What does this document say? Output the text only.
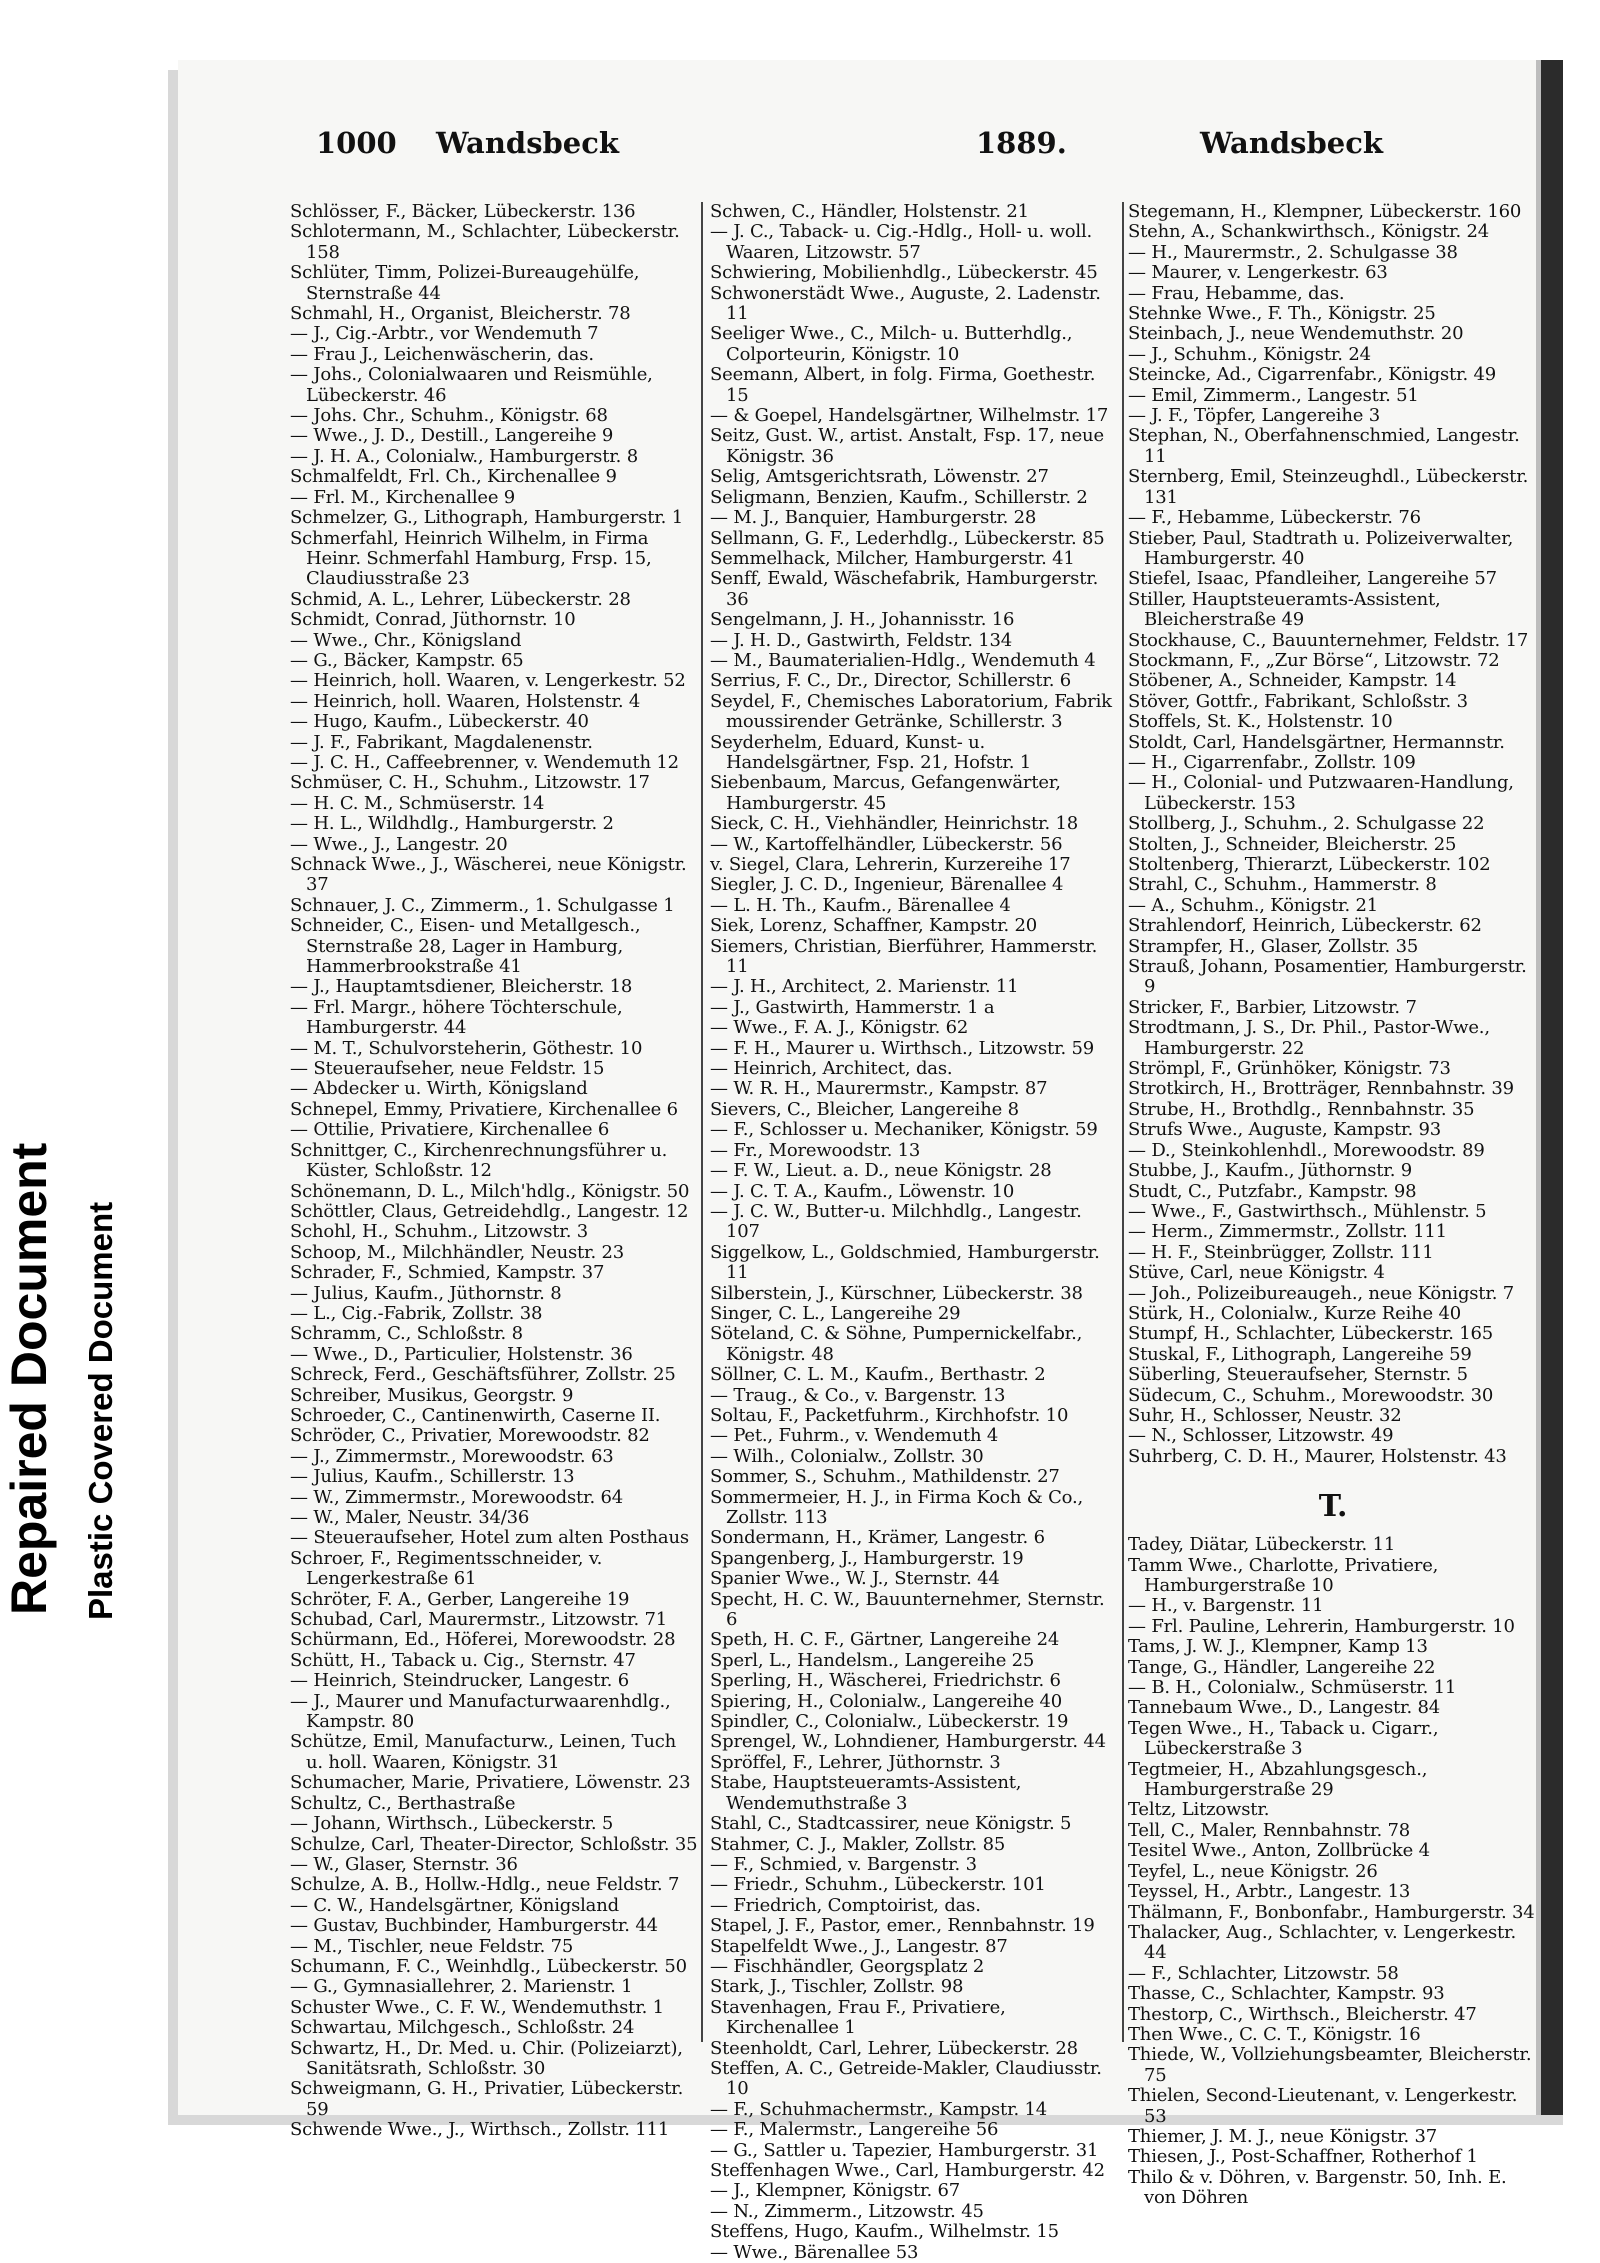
Repaired Document Plastic Covered Document
1000 Wandsbeck	1889.	Wandsbeck

Schlösser, F., Bäcker, Lübeckerstr. 136

Schlotermann, M., Schlachter, Lübeckerstr. 158

Schlüter, Timm, Polizei-Bureaugehülfe, Sternstraße 44

Schmahl, H., Organist, Bleicherstr. 78

— J., Cig.-Arbtr., vor Wendemuth 7

— Frau J., Leichenwäscherin, das.

— Johs., Colonialwaaren und Reismühle, Lübeckerstr. 46

— Johs. Chr., Schuhm., Königstr. 68

— Wwe., J. D., Destill., Langereihe 9

— J. H. A., Colonialw., Hamburgerstr. 8

Schmalfeldt, Frl. Ch., Kirchenallee 9

— Frl. M., Kirchenallee 9

Schmelzer, G., Lithograph, Hamburgerstr. 1

Schmerfahl, Heinrich Wilhelm, in Firma Heinr. Schmerfahl Hamburg, Frsp. 15, Claudiusstraße 23

Schmid, A. L., Lehrer, Lübeckerstr. 28

Schmidt, Conrad, Jüthornstr. 10

— Wwe., Chr., Königsland

— G., Bäcker, Kampstr. 65

— Heinrich, holl. Waaren, v. Lengerkestr. 52

— Heinrich, holl. Waaren, Holstenstr. 4

— Hugo, Kaufm., Lübeckerstr. 40

— J. F., Fabrikant, Magdalenenstr.

— J. C. H., Caffeebrenner, v. Wendemuth 12

Schmüser, C. H., Schuhm., Litzowstr. 17

— H. C. M., Schmüserstr. 14

— H. L., Wildhdlg., Hamburgerstr. 2

— Wwe., J., Langestr. 20

Schnack Wwe., J., Wäscherei, neue Königstr. 37

Schnauer, J. C., Zimmerm., 1. Schulgasse 1

Schneider, C., Eisen- und Metallgesch., Sternstraße 28, Lager in Hamburg, Hammerbrookstraße 41

— J., Hauptamtsdiener, Bleicherstr. 18

— Frl. Margr., höhere Töchterschule, Hamburgerstr. 44

— M. T., Schulvorsteherin, Göthestr. 10

— Steueraufseher, neue Feldstr. 15

— Abdecker u. Wirth, Königsland

Schnepel, Emmy, Privatiere, Kirchenallee 6

— Ottilie, Privatiere, Kirchenallee 6

Schnittger, C., Kirchenrechnungsführer u. Küster, Schloßstr. 12

Schönemann, D. L., Milch'hdlg., Königstr. 50

Schöttler, Claus, Getreidehdlg., Langestr. 12

Schohl, H., Schuhm., Litzowstr. 3

Schoop, M., Milchhändler, Neustr. 23

Schrader, F., Schmied, Kampstr. 37

— Julius, Kaufm., Jüthornstr. 8

— L., Cig.-Fabrik, Zollstr. 38

Schramm, C., Schloßstr. 8

— Wwe., D., Particulier, Holstenstr. 36

Schreck, Ferd., Geschäftsführer, Zollstr. 25

Schreiber, Musikus, Georgstr. 9

Schroeder, C., Cantinenwirth, Caserne II.

Schröder, C., Privatier, Morewoodstr. 82

— J., Zimmermstr., Morewoodstr. 63

— Julius, Kaufm., Schillerstr. 13

— W., Zimmermstr., Morewoodstr. 64

— W., Maler, Neustr. 34/36

— Steueraufseher, Hotel zum alten Posthaus

Schroer, F., Regimentsschneider, v. Lengerkestraße 61

Schröter, F. A., Gerber, Langereihe 19

Schubad, Carl, Maurermstr., Litzowstr. 71

Schürmann, Ed., Höferei, Morewoodstr. 28

Schütt, H., Taback u. Cig., Sternstr. 47

— Heinrich, Steindrucker, Langestr. 6

— J., Maurer und Manufacturwaarenhdlg., Kampstr. 80

Schütze, Emil, Manufacturw., Leinen, Tuch u. holl. Waaren, Königstr. 31

Schumacher, Marie, Privatiere, Löwenstr. 23

Schultz, C., Berthastraße

— Johann, Wirthsch., Lübeckerstr. 5

Schulze, Carl, Theater-Director, Schloßstr. 35

— W., Glaser, Sternstr. 36

Schulze, A. B., Hollw.-Hdlg., neue Feldstr. 7

— C. W., Handelsgärtner, Königsland

— Gustav, Buchbinder, Hamburgerstr. 44

— M., Tischler, neue Feldstr. 75

Schumann, F. C., Weinhdlg., Lübeckerstr. 50

— G., Gymnasiallehrer, 2. Marienstr. 1

Schuster Wwe., C. F. W., Wendemuthstr. 1

Schwartau, Milchgesch., Schloßstr. 24

Schwartz, H., Dr. Med. u. Chir. (Polizeiarzt), Sanitätsrath, Schloßstr. 30

Schweigmann, G. H., Privatier, Lübeckerstr. 59

Schwende Wwe., J., Wirthsch., Zollstr. 111

Schwen, C., Händler, Holstenstr. 21

— J. C., Taback- u. Cig.-Hdlg., Holl- u. woll. Waaren, Litzowstr. 57

Schwiering, Mobilienhdlg., Lübeckerstr. 45

Schwonerstädt Wwe., Auguste, 2. Ladenstr. 11

Seeliger Wwe., C., Milch- u. Butterhdlg., Colporteurin, Königstr. 10

Seemann, Albert, in folg. Firma, Goethestr. 15

— & Goepel, Handelsgärtner, Wilhelmstr. 17

Seitz, Gust. W., artist. Anstalt, Fsp. 17, neue Königstr. 36

Selig, Amtsgerichtsrath, Löwenstr. 27

Seligmann, Benzien, Kaufm., Schillerstr. 2

— M. J., Banquier, Hamburgerstr. 28

Sellmann, G. F., Lederhdlg., Lübeckerstr. 85

Semmelhack, Milcher, Hamburgerstr. 41

Senff, Ewald, Wäschefabrik, Hamburgerstr. 36

Sengelmann, J. H., Johannisstr. 16

— J. H. D., Gastwirth, Feldstr. 134

— M., Baumaterialien-Hdlg., Wendemuth 4

Serrius, F. C., Dr., Director, Schillerstr. 6

Seydel, F., Chemisches Laboratorium, Fabrik moussirender Getränke, Schillerstr. 3

Seyderhelm, Eduard, Kunst- u. Handelsgärtner, Fsp. 21, Hofstr. 1

Siebenbaum, Marcus, Gefangenwärter, Hamburgerstr. 45

Sieck, C. H., Viehhändler, Heinrichstr. 18

— W., Kartoffelhändler, Lübeckerstr. 56

v. Siegel, Clara, Lehrerin, Kurzereihe 17

Siegler, J. C. D., Ingenieur, Bärenallee 4

— L. H. Th., Kaufm., Bärenallee 4

Siek, Lorenz, Schaffner, Kampstr. 20

Siemers, Christian, Bierführer, Hammerstr. 11

— J. H., Architect, 2. Marienstr. 11

— J., Gastwirth, Hammerstr. 1 a

— Wwe., F. A. J., Königstr. 62

— F. H., Maurer u. Wirthsch., Litzowstr. 59

— Heinrich, Architect, das.

— W. R. H., Maurermstr., Kampstr. 87

Sievers, C., Bleicher, Langereihe 8

— F., Schlosser u. Mechaniker, Königstr. 59

— Fr., Morewoodstr. 13

— F. W., Lieut. a. D., neue Königstr. 28

— J. C. T. A., Kaufm., Löwenstr. 10

— J. C. W., Butter-u. Milchhdlg., Langestr. 107

Siggelkow, L., Goldschmied, Hamburgerstr. 11

Silberstein, J., Kürschner, Lübeckerstr. 38

Singer, C. L., Langereihe 29

Söteland, C. & Söhne, Pumpernickelfabr., Königstr. 48

Söllner, C. L. M., Kaufm., Berthastr. 2

— Traug., & Co., v. Bargenstr. 13

Soltau, F., Packetfuhrm., Kirchhofstr. 10

— Pet., Fuhrm., v. Wendemuth 4

— Wilh., Colonialw., Zollstr. 30

Sommer, S., Schuhm., Mathildenstr. 27

Sommermeier, H. J., in Firma Koch & Co., Zollstr. 113

Sondermann, H., Krämer, Langestr. 6

Spangenberg, J., Hamburgerstr. 19

Spanier Wwe., W. J., Sternstr. 44

Specht, H. C. W., Bauunternehmer, Sternstr. 6

Speth, H. C. F., Gärtner, Langereihe 24

Sperl, L., Handelsm., Langereihe 25

Sperling, H., Wäscherei, Friedrichstr. 6

Spiering, H., Colonialw., Langereihe 40

Spindler, C., Colonialw., Lübeckerstr. 19

Sprengel, W., Lohndiener, Hamburgerstr. 44

Spröffel, F., Lehrer, Jüthornstr. 3

Stabe, Hauptsteueramts-Assistent, Wendemuthstraße 3

Stahl, C., Stadtcassirer, neue Königstr. 5

Stahmer, C. J., Makler, Zollstr. 85

— F., Schmied, v. Bargenstr. 3

— Friedr., Schuhm., Lübeckerstr. 101

— Friedrich, Comptoirist, das.

Stapel, J. F., Pastor, emer., Rennbahnstr. 19

Stapelfeldt Wwe., J., Langestr. 87

— Fischhändler, Georgsplatz 2

Stark, J., Tischler, Zollstr. 98

Stavenhagen, Frau F., Privatiere, Kirchenallee 1

Steenholdt, Carl, Lehrer, Lübeckerstr. 28

Steffen, A. C., Getreide-Makler, Claudiusstr. 10

— F., Schuhmachermstr., Kampstr. 14

— F., Malermstr., Langereihe 56

— G., Sattler u. Tapezier, Hamburgerstr. 31

Steffenhagen Wwe., Carl, Hamburgerstr. 42

— J., Klempner, Königstr. 67

— N., Zimmerm., Litzowstr. 45

Steffens, Hugo, Kaufm., Wilhelmstr. 15

— Wwe., Bärenallee 53

Stegemann, H., Klempner, Lübeckerstr. 160

Stehn, A., Schankwirthsch., Königstr. 24

— H., Maurermstr., 2. Schulgasse 38

— Maurer, v. Lengerkestr. 63

— Frau, Hebamme, das.

Stehnke Wwe., F. Th., Königstr. 25

Steinbach, J., neue Wendemuthstr. 20

— J., Schuhm., Königstr. 24

Steincke, Ad., Cigarrenfabr., Königstr. 49

— Emil, Zimmerm., Langestr. 51

— J. F., Töpfer, Langereihe 3

Stephan, N., Oberfahnenschmied, Langestr. 11

Sternberg, Emil, Steinzeughdl., Lübeckerstr. 131

— F., Hebamme, Lübeckerstr. 76

Stieber, Paul, Stadtrath u. Polizeiverwalter, Hamburgerstr. 40

Stiefel, Isaac, Pfandleiher, Langereihe 57

Stiller, Hauptsteueramts-Assistent, Bleicherstraße 49

Stockhause, C., Bauunternehmer, Feldstr. 17

Stockmann, F., „Zur Börse“, Litzowstr. 72

Stöbener, A., Schneider, Kampstr. 14

Stöver, Gottfr., Fabrikant, Schloßstr. 3

Stoffels, St. K., Holstenstr. 10

Stoldt, Carl, Handelsgärtner, Hermannstr.

— H., Cigarrenfabr., Zollstr. 109

— H., Colonial- und Putzwaaren-Handlung, Lübeckerstr. 153

Stollberg, J., Schuhm., 2. Schulgasse 22

Stolten, J., Schneider, Bleicherstr. 25

Stoltenberg, Thierarzt, Lübeckerstr. 102

Strahl, C., Schuhm., Hammerstr. 8

— A., Schuhm., Königstr. 21

Strahlendorf, Heinrich, Lübeckerstr. 62

Strampfer, H., Glaser, Zollstr. 35

Strauß, Johann, Posamentier, Hamburgerstr. 9

Stricker, F., Barbier, Litzowstr. 7

Strodtmann, J. S., Dr. Phil., Pastor-Wwe., Hamburgerstr. 22

Strömpl, F., Grünhöker, Königstr. 73

Strotkirch, H., Brotträger, Rennbahnstr. 39

Strube, H., Brothdlg., Rennbahnstr. 35

Strufs Wwe., Auguste, Kampstr. 93

— D., Steinkohlenhdl., Morewoodstr. 89

Stubbe, J., Kaufm., Jüthornstr. 9

Studt, C., Putzfabr., Kampstr. 98

— Wwe., F., Gastwirthsch., Mühlenstr. 5

— Herm., Zimmermstr., Zollstr. 111

— H. F., Steinbrügger, Zollstr. 111

Stüve, Carl, neue Königstr. 4

— Joh., Polizeibureaugeh., neue Königstr. 7

Stürk, H., Colonialw., Kurze Reihe 40

Stumpf, H., Schlachter, Lübeckerstr. 165

Stuskal, F., Lithograph, Langereihe 59

Süberling, Steueraufseher, Sternstr. 5

Südecum, C., Schuhm., Morewoodstr. 30

Suhr, H., Schlosser, Neustr. 32

— N., Schlosser, Litzowstr. 49

Suhrberg, C. D. H., Maurer, Holstenstr. 43

T.

Tadey, Diätar, Lübeckerstr. 11

Tamm Wwe., Charlotte, Privatiere, Hamburgerstraße 10

— H., v. Bargenstr. 11

— Frl. Pauline, Lehrerin, Hamburgerstr. 10

Tams, J. W. J., Klempner, Kamp 13

Tange, G., Händler, Langereihe 22

— B. H., Colonialw., Schmüserstr. 11

Tannebaum Wwe., D., Langestr. 84

Tegen Wwe., H., Taback u. Cigarr., Lübeckerstraße 3

Tegtmeier, H., Abzahlungsgesch., Hamburgerstraße 29

Teltz, Litzowstr.

Tell, C., Maler, Rennbahnstr. 78

Tesitel Wwe., Anton, Zollbrücke 4

Teyfel, L., neue Königstr. 26

Teyssel, H., Arbtr., Langestr. 13

Thälmann, F., Bonbonfabr., Hamburgerstr. 34

Thalacker, Aug., Schlachter, v. Lengerkestr. 44

— F., Schlachter, Litzowstr. 58

Thasse, C., Schlachter, Kampstr. 93

Thestorp, C., Wirthsch., Bleicherstr. 47

Then Wwe., C. C. T., Königstr. 16

Thiede, W., Vollziehungsbeamter, Bleicherstr. 75

Thielen, Second-Lieutenant, v. Lengerkestr. 53

Thiemer, J. M. J., neue Königstr. 37

Thiesen, J., Post-Schaffner, Rotherhof 1

Thilo & v. Döhren, v. Bargenstr. 50, Inh. E. von Döhren
